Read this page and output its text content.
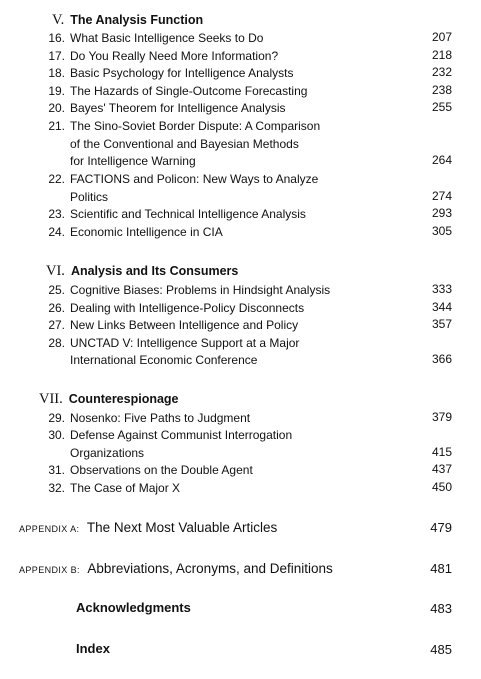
V. The Analysis Function
16. What Basic Intelligence Seeks to Do	207
17. Do You Really Need More Information?	218
18. Basic Psychology for Intelligence Analysts	232
19. The Hazards of Single-Outcome Forecasting	238
20. Bayes' Theorem for Intelligence Analysis	255
21. The Sino-Soviet Border Dispute: A Comparison
of the Conventional and Bayesian Methods
for Intelligence Warning	264
22. FACTIONS and Policon: New Ways to Analyze
Politics	274
23. Scientific and Technical Intelligence Analysis	293
24. Economic Intelligence in CIA	305
VI. Analysis and Its Consumers
25. Cognitive Biases: Problems in Hindsight Analysis	333
26. Dealing with Intelligence-Policy Disconnects	344
27. New Links Between Intelligence and Policy	357
28. UNCTAD V: Intelligence Support at a Major
International Economic Conference	366
VII. Counterespionage
29. Nosenko: Five Paths to Judgment	379
30. Defense Against Communist Interrogation
Organizations	415
31. Observations on the Double Agent	437
32. The Case of Major X	450
APPENDIX A: The Next Most Valuable Articles	479
APPENDIX B: Abbreviations, Acronyms, and Definitions	481
Acknowledgments	483
Index	485
